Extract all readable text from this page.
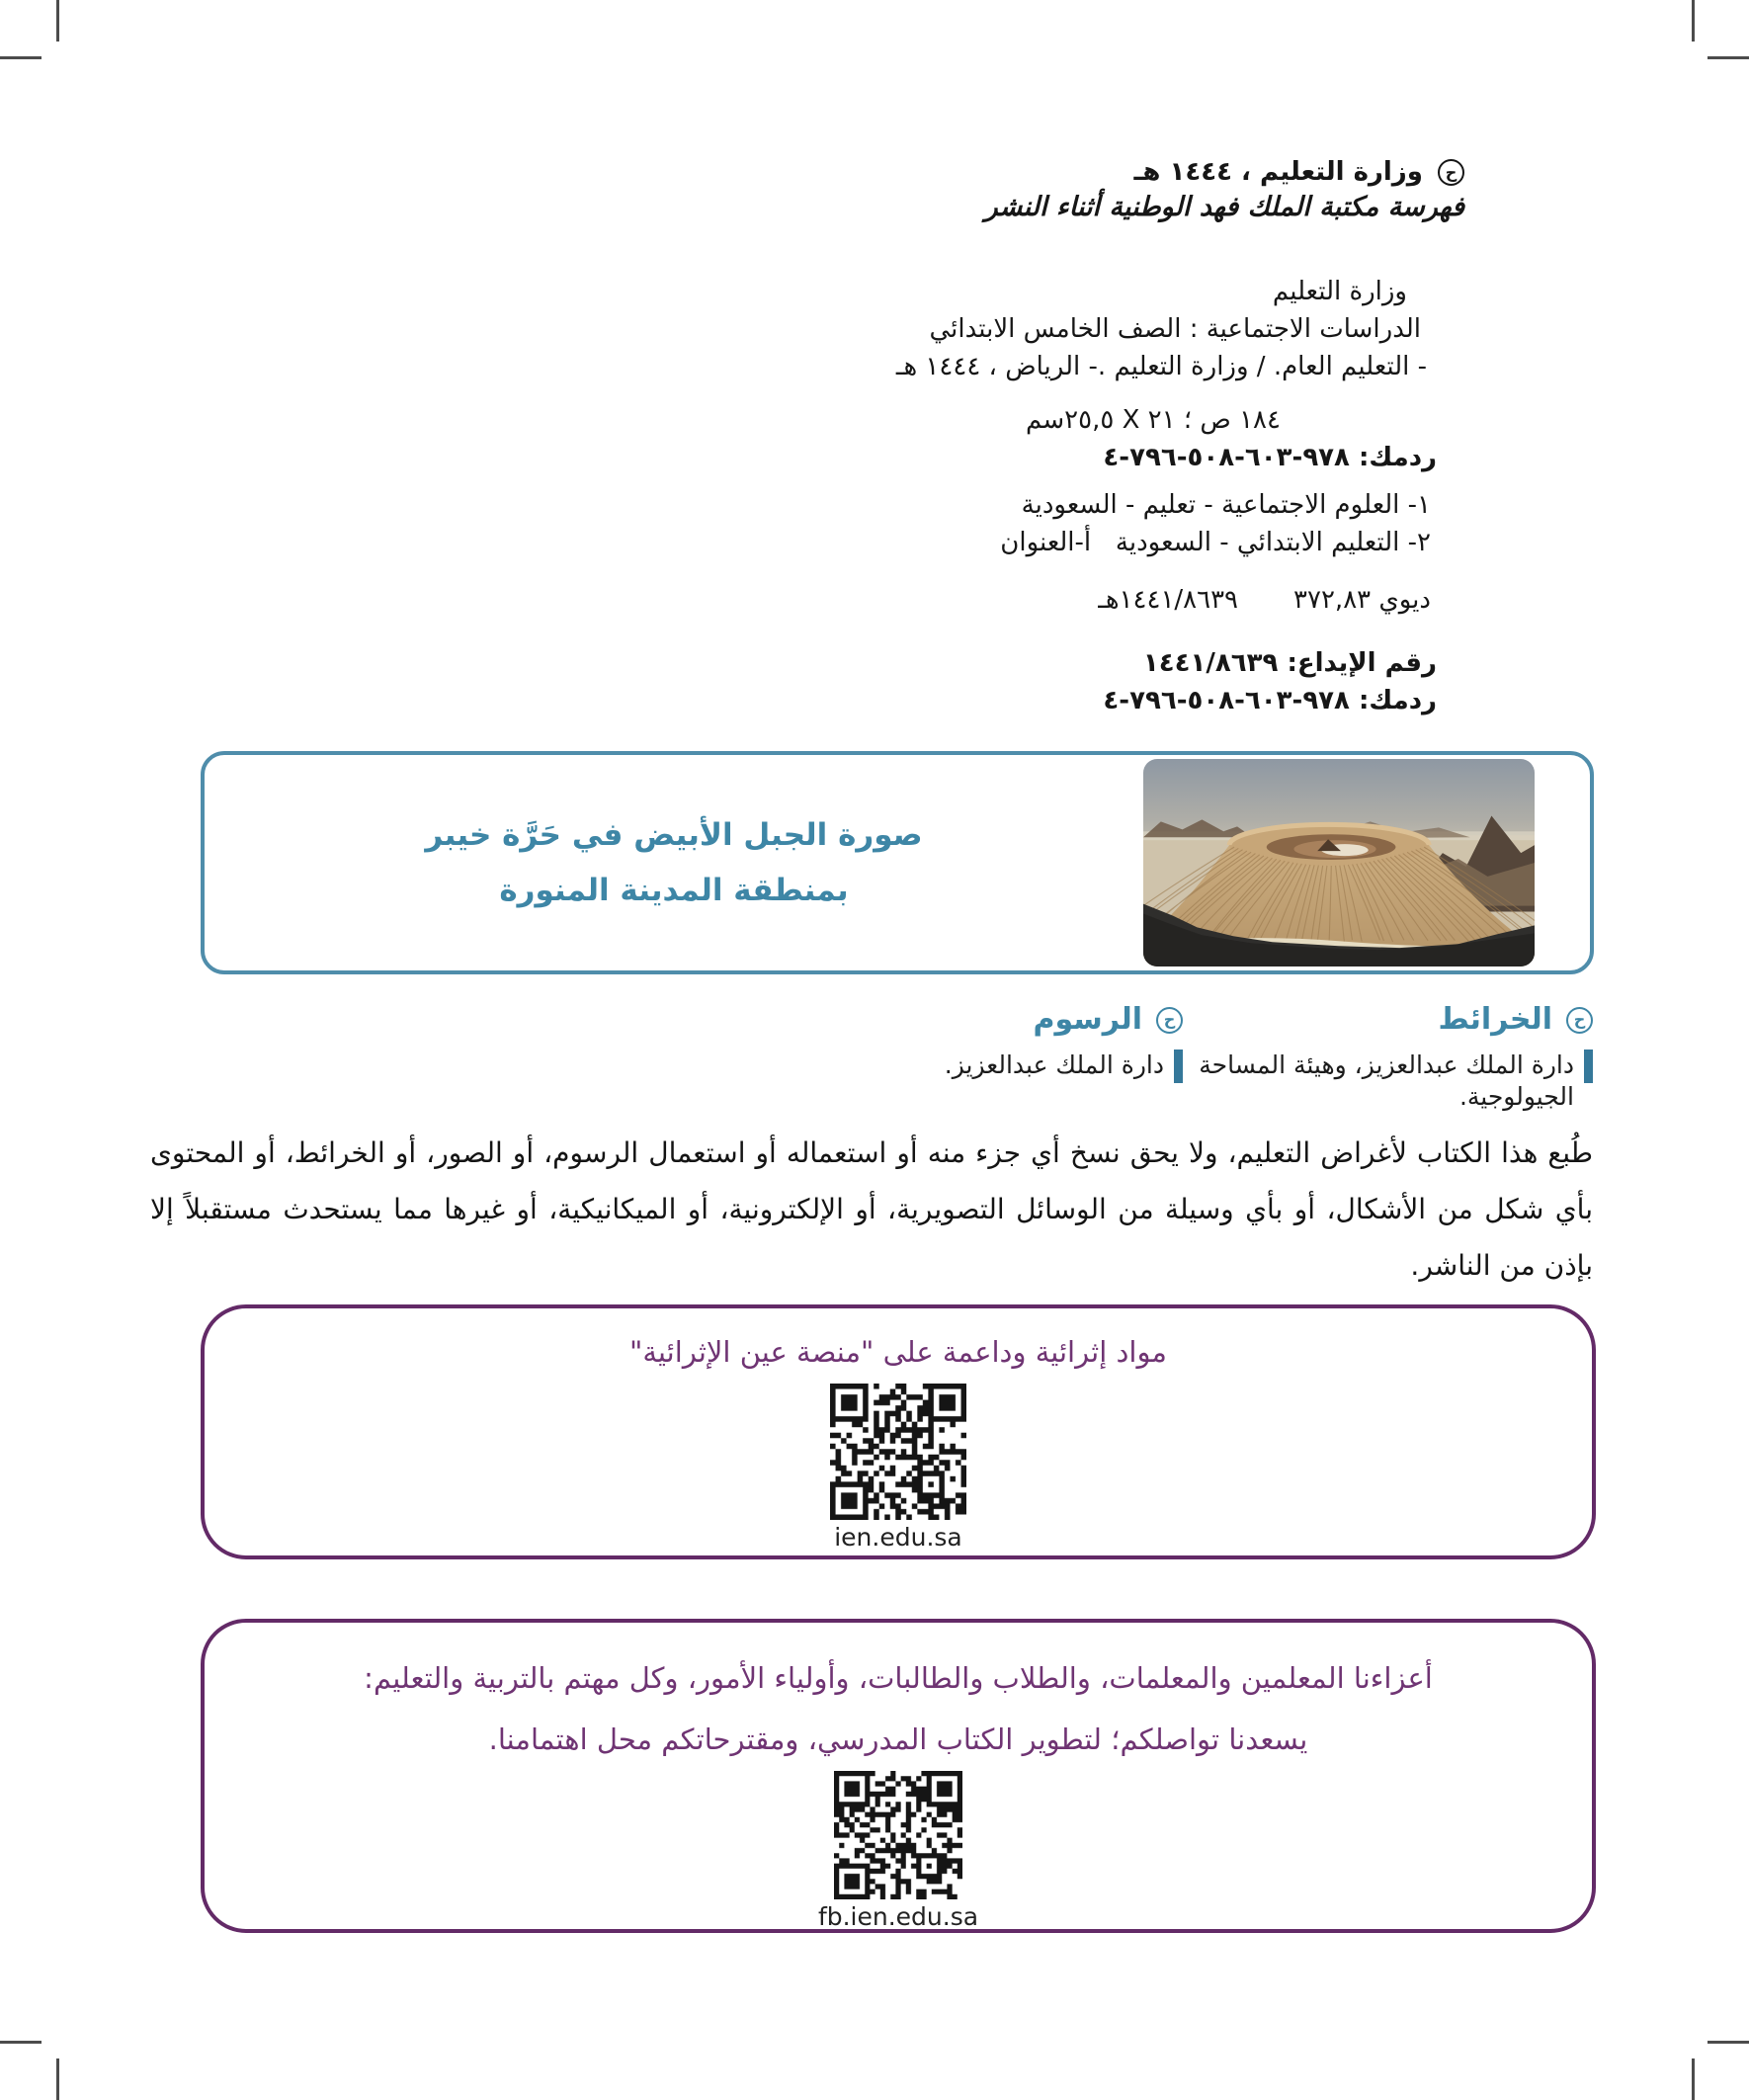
ح وزارة التعليم ، ١٤٤٤ هـ
فهرسة مكتبة الملك فهد الوطنية أثناء النشر
وزارة التعليم
الدراسات الاجتماعية : الصف الخامس الابتدائي
- التعليم العام. / وزارة التعليم .- الرياض ، ١٤٤٤ هـ
١٨٤ ص ؛ ٢١ X ٢٥,٥سم
ردمك: ٩٧٨-٦٠٣-٥٠٨-٧٩٦-٤
١- العلوم الاجتماعية - تعليم - السعودية
٢- التعليم الابتدائي - السعودية   أ-العنوان
ديوي ٣٧٢,٨٣١٤٤١/٨٦٣٩هـ
رقم الإيداع: ١٤٤١/٨٦٣٩
ردمك: ٩٧٨-٦٠٣-٥٠٨-٧٩٦-٤
صورة الجبل الأبيض في حَرَّة خيبر
بمنطقة المدينة المنورة
ح
الخرائط
دارة الملك عبدالعزيز، وهيئة المساحة الجيولوجية.
ح
الرسوم
دارة الملك عبدالعزيز.
طُبع هذا الكتاب لأغراض التعليم، ولا يحق نسخ أي جزء منه أو استعماله أو استعمال الرسوم، أو الصور، أو الخرائط، أو المحتوى بأي شكل من الأشكال، أو بأي وسيلة من الوسائل التصويرية، أو الإلكترونية، أو الميكانيكية، أو غيرها مما يستحدث مستقبلاً إلا بإذن من الناشر.
مواد إثرائية وداعمة على "منصة عين الإثرائية"
ien.edu.sa
أعزاءنا المعلمين والمعلمات، والطلاب والطالبات، وأولياء الأمور، وكل مهتم بالتربية والتعليم:
يسعدنا تواصلكم؛ لتطوير الكتاب المدرسي، ومقترحاتكم محل اهتمامنا.
fb.ien.edu.sa
